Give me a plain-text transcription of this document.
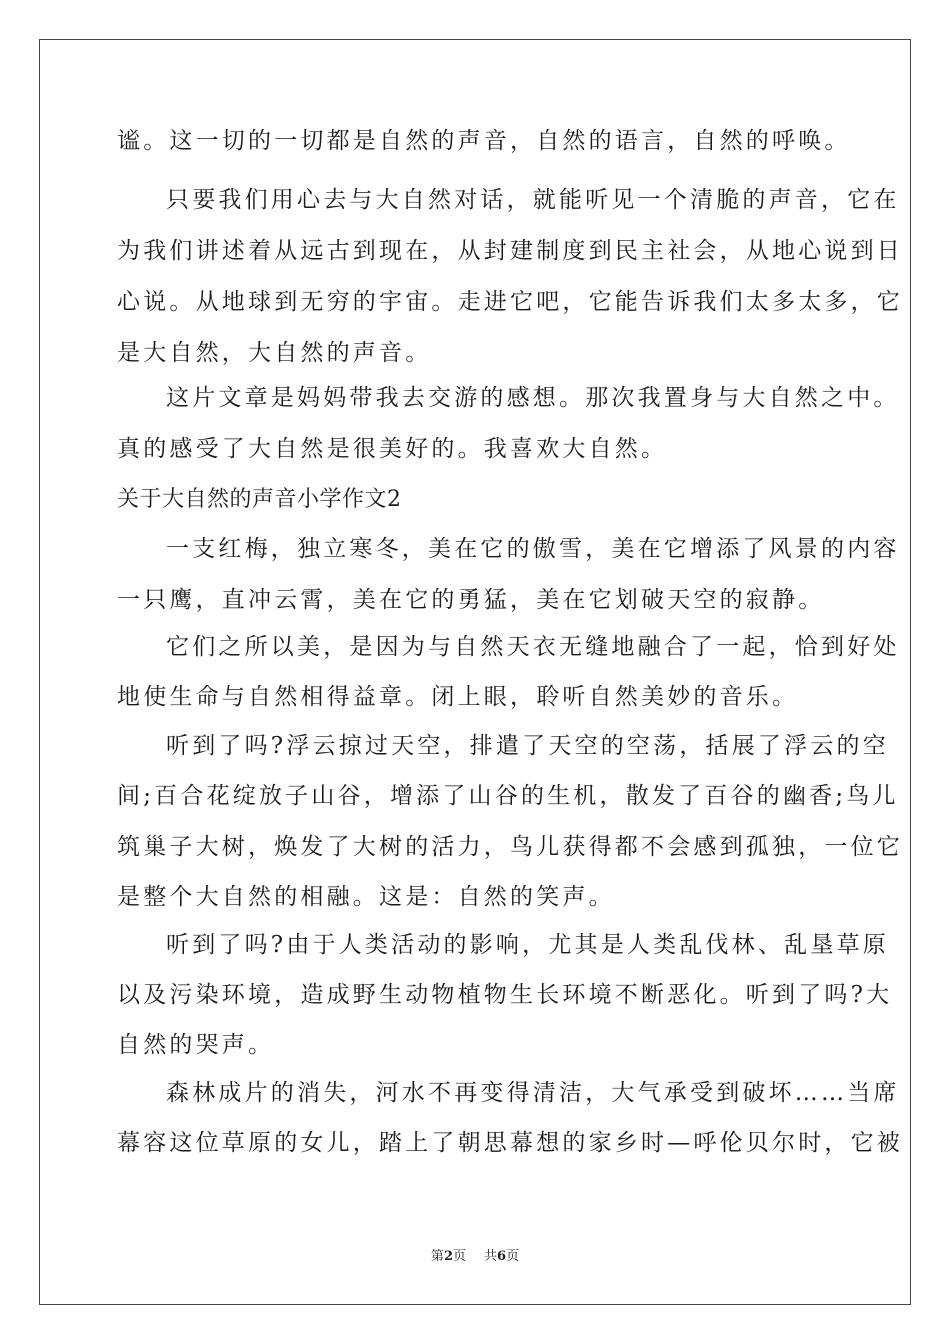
谧。这一切的一切都是自然的声音，自然的语言，自然的呼唤。
只要我们用心去与大自然对话，就能听见一个清脆的声音，它在
为我们讲述着从远古到现在，从封建制度到民主社会，从地心说到日
心说。从地球到无穷的宇宙。走进它吧，它能告诉我们太多太多，它
是大自然，大自然的声音。
这片文章是妈妈带我去交游的感想。那次我置身与大自然之中。
真的感受了大自然是很美好的。我喜欢大自然。
关于大自然的声音小学作文2
一支红梅，独立寒冬，美在它的傲雪，美在它增添了风景的内容
一只鹰，直冲云霄，美在它的勇猛，美在它划破天空的寂静。
它们之所以美，是因为与自然天衣无缝地融合了一起，恰到好处
地使生命与自然相得益章。闭上眼，聆听自然美妙的音乐。
听到了吗?浮云掠过天空，排遣了天空的空荡，括展了浮云的空
间;百合花绽放子山谷，增添了山谷的生机，散发了百谷的幽香;鸟儿
筑巢子大树，焕发了大树的活力，鸟儿获得都不会感到孤独，一位它
是整个大自然的相融。这是：自然的笑声。
听到了吗?由于人类活动的影响，尤其是人类乱伐林、乱垦草原
以及污染环境，造成野生动物植物生长环境不断恶化。听到了吗?大
自然的哭声。
森林成片的消失，河水不再变得清洁，大气承受到破坏……当席
幕容这位草原的女儿，踏上了朝思幕想的家乡时—呼伦贝尔时，它被
第2页 共6页
